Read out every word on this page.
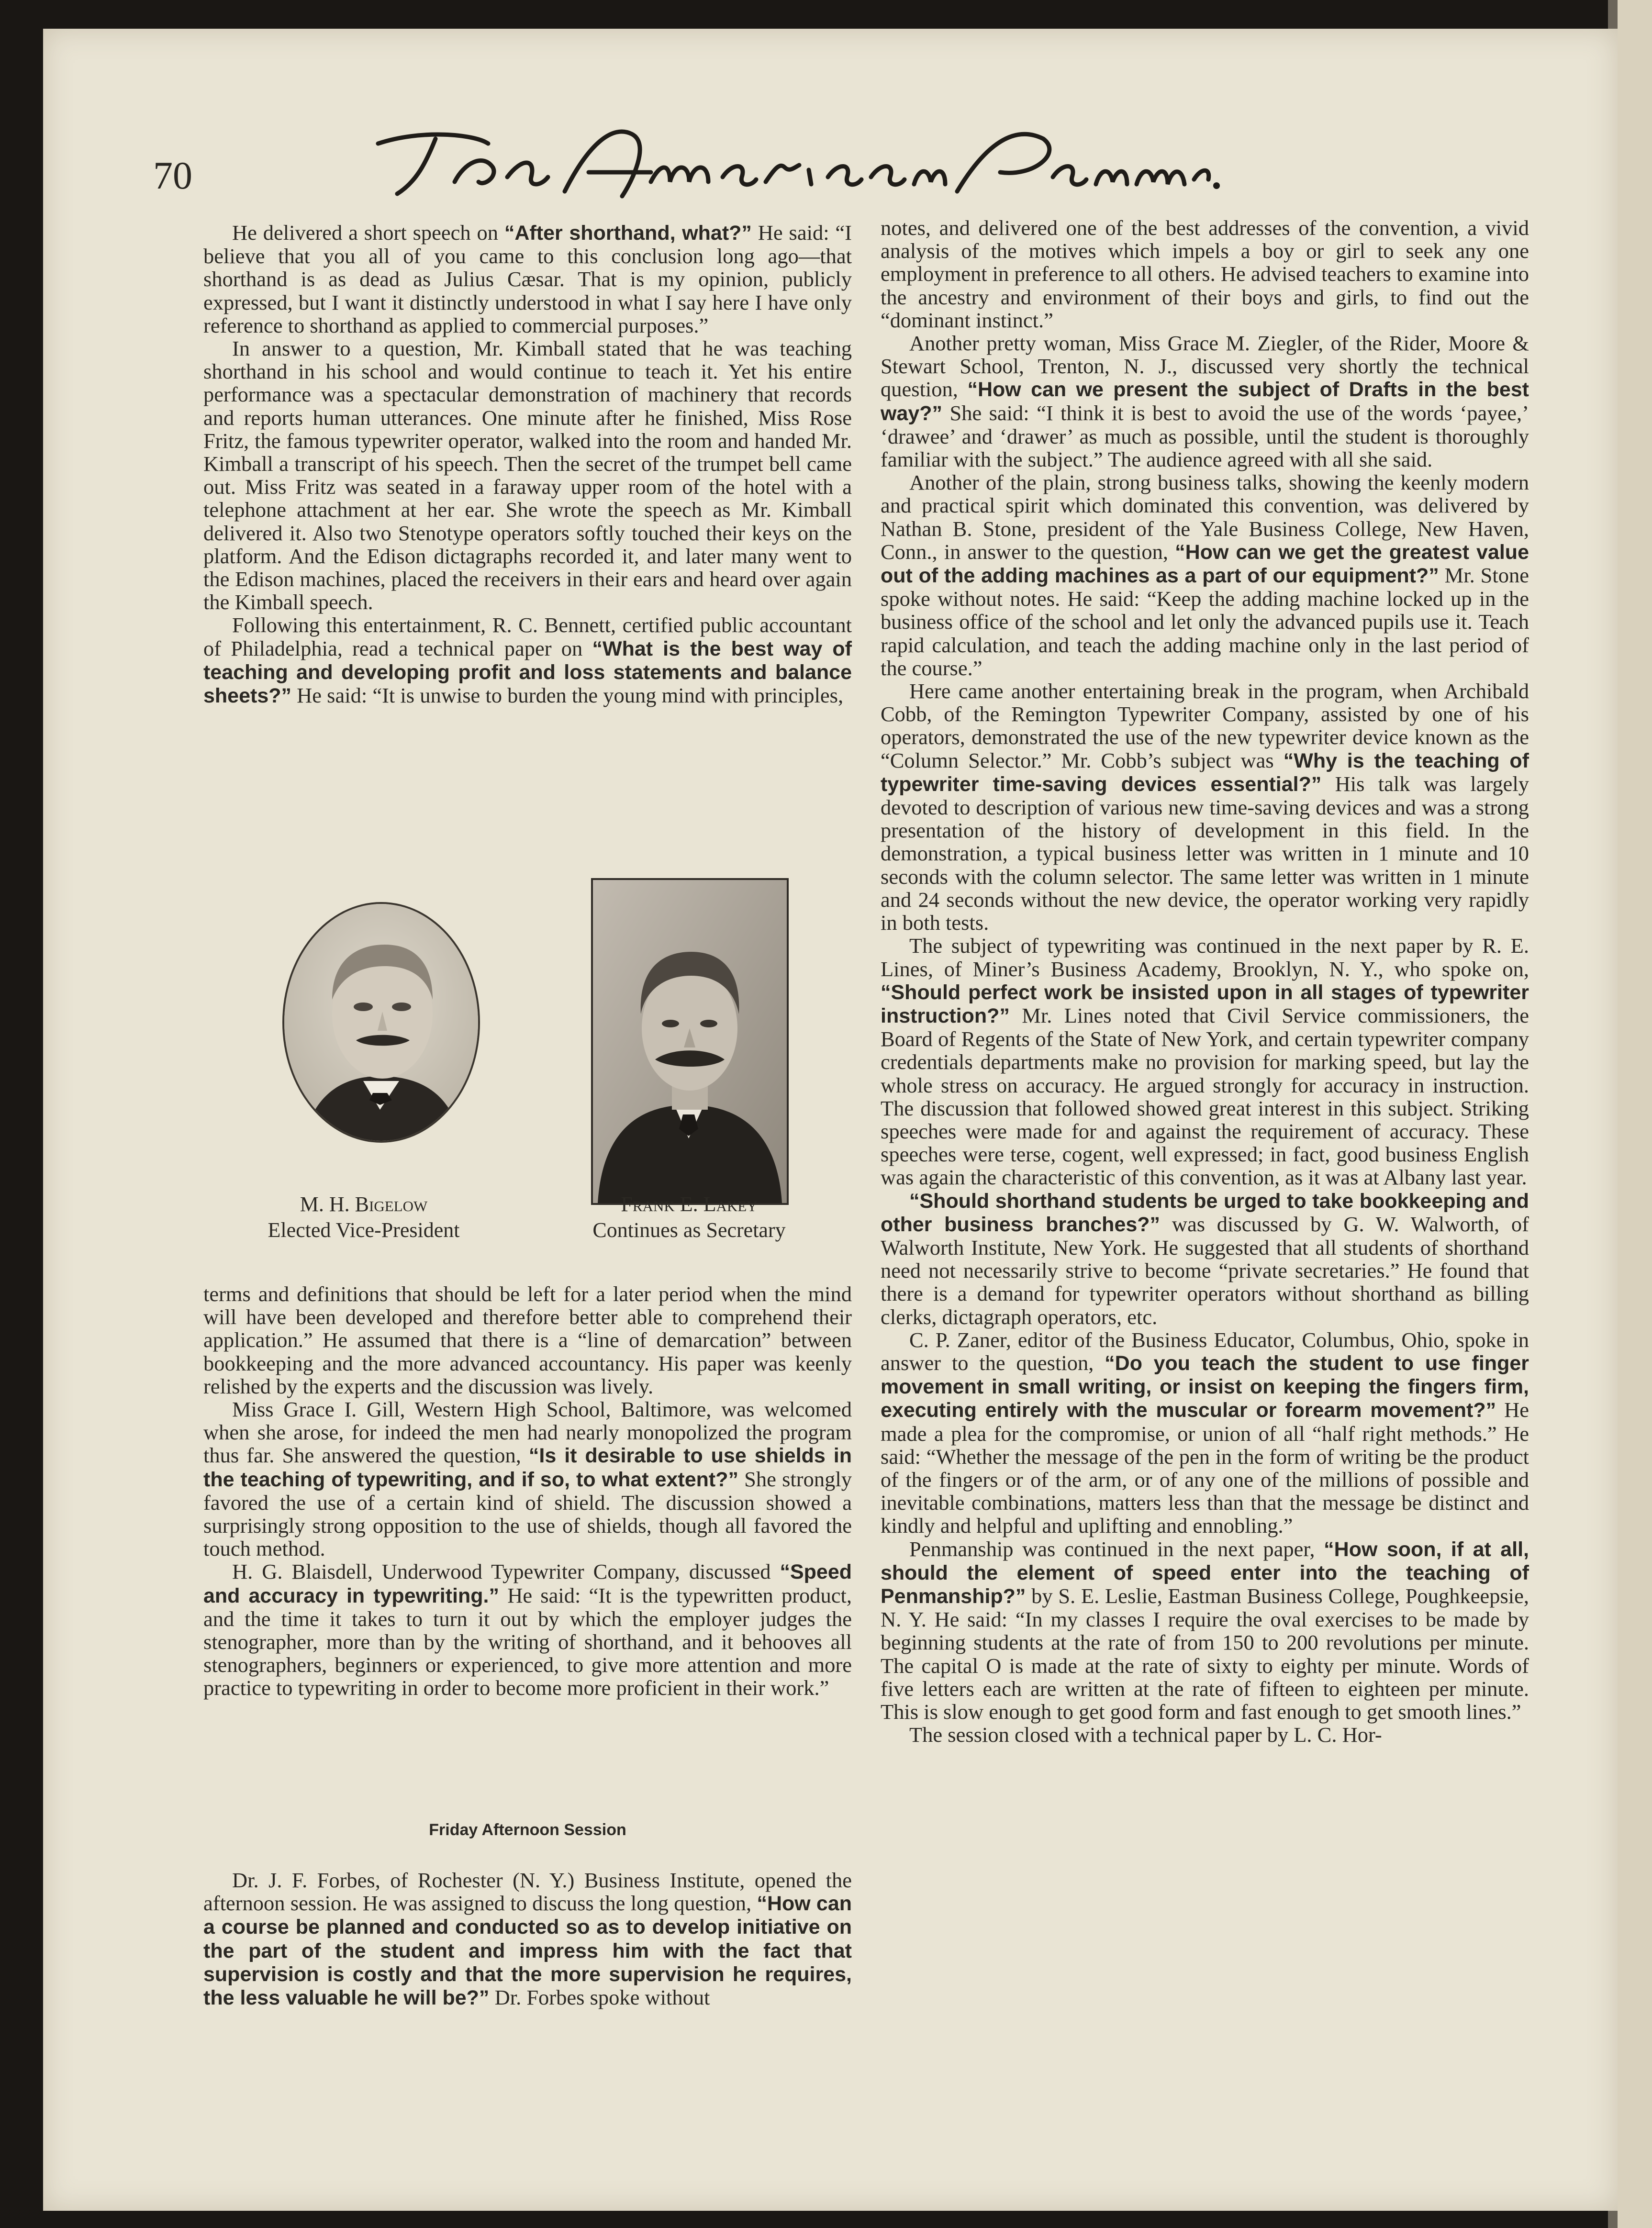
70

He delivered a short speech on “After shorthand, what?” He said: “I believe that you all of you came to this conclusion long ago—that shorthand is as dead as Julius Cæsar. That is my opinion, publicly expressed, but I want it distinctly understood in what I say here I have only reference to shorthand as applied to commercial purposes.”

In answer to a question, Mr. Kimball stated that he was teaching shorthand in his school and would continue to teach it. Yet his entire performance was a spectacular demonstration of machinery that records and reports human utterances. One minute after he finished, Miss Rose Fritz, the famous typewriter operator, walked into the room and handed Mr. Kimball a transcript of his speech. Then the secret of the trumpet bell came out. Miss Fritz was seated in a faraway upper room of the hotel with a telephone attachment at her ear. She wrote the speech as Mr. Kimball delivered it. Also two Stenotype operators softly touched their keys on the platform. And the Edison dictagraphs recorded it, and later many went to the Edison machines, placed the receivers in their ears and heard over again the Kimball speech.

Following this entertainment, R. C. Bennett, certified public accountant of Philadelphia, read a technical paper on “What is the best way of teaching and developing profit and loss statements and balance sheets?” He said: “It is unwise to burden the young mind with principles,

M. H. Bigelow
Elected Vice-President
Frank E. Lakey
Continues as Secretary

terms and definitions that should be left for a later period when the mind will have been developed and therefore better able to comprehend their application.” He assumed that there is a “line of demarcation” between bookkeeping and the more advanced accountancy. His paper was keenly relished by the experts and the discussion was lively.

Miss Grace I. Gill, Western High School, Baltimore, was welcomed when she arose, for indeed the men had nearly monopolized the program thus far. She answered the question, “Is it desirable to use shields in the teaching of typewriting, and if so, to what extent?” She strongly favored the use of a certain kind of shield. The discussion showed a surprisingly strong opposition to the use of shields, though all favored the touch method.

H. G. Blaisdell, Underwood Typewriter Company, discussed “Speed and accuracy in typewriting.” He said: “It is the typewritten product, and the time it takes to turn it out by which the employer judges the stenographer, more than by the writing of shorthand, and it behooves all stenographers, beginners or experienced, to give more attention and more practice to typewriting in order to become more proficient in their work.”

Friday Afternoon Session

Dr. J. F. Forbes, of Rochester (N. Y.) Business Institute, opened the afternoon session. He was assigned to discuss the long question, “How can a course be planned and conducted so as to develop initiative on the part of the student and impress him with the fact that supervision is costly and that the more supervision he requires, the less valuable he will be?” Dr. Forbes spoke without

notes, and delivered one of the best addresses of the convention, a vivid analysis of the motives which impels a boy or girl to seek any one employment in preference to all others. He advised teachers to examine into the ancestry and environment of their boys and girls, to find out the “dominant instinct.”

Another pretty woman, Miss Grace M. Ziegler, of the Rider, Moore & Stewart School, Trenton, N. J., discussed very shortly the technical question, “How can we present the subject of Drafts in the best way?” She said: “I think it is best to avoid the use of the words ‘payee,’ ‘drawee’ and ‘drawer’ as much as possible, until the student is thoroughly familiar with the subject.” The audience agreed with all she said.

Another of the plain, strong business talks, showing the keenly modern and practical spirit which dominated this convention, was delivered by Nathan B. Stone, president of the Yale Business College, New Haven, Conn., in answer to the question, “How can we get the greatest value out of the adding machines as a part of our equipment?” Mr. Stone spoke without notes. He said: “Keep the adding machine locked up in the business office of the school and let only the advanced pupils use it. Teach rapid calculation, and teach the adding machine only in the last period of the course.”

Here came another entertaining break in the program, when Archibald Cobb, of the Remington Typewriter Company, assisted by one of his operators, demonstrated the use of the new typewriter device known as the “Column Selector.” Mr. Cobb’s subject was “Why is the teaching of typewriter time-saving devices essential?” His talk was largely devoted to description of various new time-saving devices and was a strong presentation of the history of development in this field. In the demonstration, a typical business letter was written in 1 minute and 10 seconds with the column selector. The same letter was written in 1 minute and 24 seconds without the new device, the operator working very rapidly in both tests.

The subject of typewriting was continued in the next paper by R. E. Lines, of Miner’s Business Academy, Brooklyn, N. Y., who spoke on, “Should perfect work be insisted upon in all stages of typewriter instruction?” Mr. Lines noted that Civil Service commissioners, the Board of Regents of the State of New York, and certain typewriter company credentials departments make no provision for marking speed, but lay the whole stress on accuracy. He argued strongly for accuracy in instruction. The discussion that followed showed great interest in this subject. Striking speeches were made for and against the requirement of accuracy. These speeches were terse, cogent, well expressed; in fact, good business English was again the characteristic of this convention, as it was at Albany last year.

“Should shorthand students be urged to take bookkeeping and other business branches?” was discussed by G. W. Walworth, of Walworth Institute, New York. He suggested that all students of shorthand need not necessarily strive to become “private secretaries.” He found that there is a demand for typewriter operators without shorthand as billing clerks, dictagraph operators, etc.

C. P. Zaner, editor of the Business Educator, Columbus, Ohio, spoke in answer to the question, “Do you teach the student to use finger movement in small writing, or insist on keeping the fingers firm, executing entirely with the muscular or forearm movement?” He made a plea for the compromise, or union of all “half right methods.” He said: “Whether the message of the pen in the form of writing be the product of the fingers or of the arm, or of any one of the millions of possible and inevitable combinations, matters less than that the message be distinct and kindly and helpful and uplifting and ennobling.”

Penmanship was continued in the next paper, “How soon, if at all, should the element of speed enter into the teaching of Penmanship?” by S. E. Leslie, Eastman Business College, Poughkeepsie, N. Y. He said: “In my classes I require the oval exercises to be made by beginning students at the rate of from 150 to 200 revolutions per minute. The capital O is made at the rate of sixty to eighty per minute. Words of five letters each are written at the rate of fifteen to eighteen per minute. This is slow enough to get good form and fast enough to get smooth lines.”

The session closed with a technical paper by L. C. Hor-
